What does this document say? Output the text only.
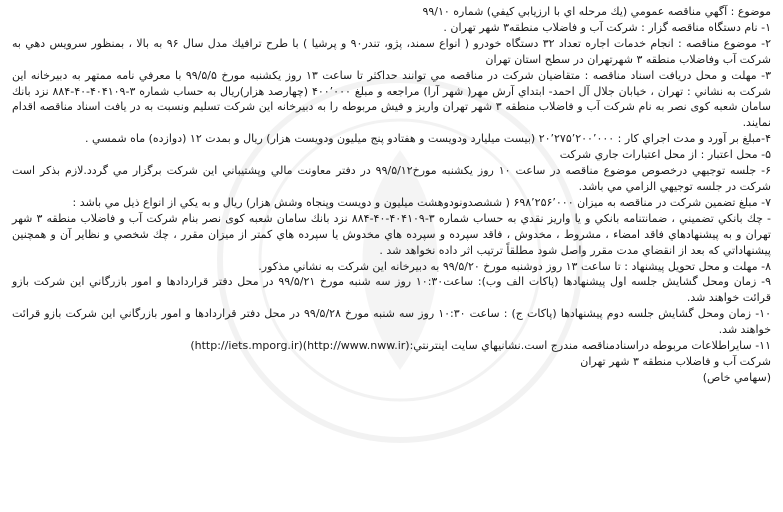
موضوع : آگهي مناقصه عمومي (يك مرحله اي با ارزيابي كيفي) شماره ۹۹/۱۰

۱- نام دستگاه مناقصه گزار : شركت آب و فاضلاب منطقه۳ شهر تهران .

۲- موضوع مناقصه : انجام خدمات اجاره تعداد ۳۲ دستگاه خودرو ( انواع سمند، پژو، تندر۹۰ و پرشيا ) با طرح ترافيك مدل سال ۹۶ به بالا ، بمنظور سرويس دهي به شركت آب وفاضلاب منطقه ۳ شهرتهران در سطح استان تهران

۳- مهلت و محل دريافت اسناد مناقصه : متقاضيان شركت در مناقصه مي توانند حداكثر تا ساعت ۱۳ روز يكشنبه مورخ ۹۹/۵/۵ با معرفي نامه ممتهر به دبيرخانه اين شركت به نشاني : تهران ، خيابان جلال آل احمد- ابتداي آرش مهر( شهر آرا) مراجعه و مبلغ ۴۰۰٬۰۰۰ (چهارصد هزار)ريال به حساب شماره ۳-۴۰۴۱۰۹-۴۰-۸۸۴ نزد بانك سامان شعبه كوى نصر به نام شركت آب و فاضلاب منطقه ۳ شهر تهران واريز و فيش مربوطه را به دبيرخانه اين شركت تسليم ونسبت به در يافت اسناد مناقصه اقدام نمايند.

۴-مبلغ بر آورد و مدت اجراي كار : ۲۰٬۲۷۵٬۲۰۰٬۰۰۰ (بيست ميليارد ودويست و هفتادو پنج ميليون ودويست هزار) ريال و بمدت ۱۲ (دوازده) ماه شمسي .

۵- محل اعتبار : از محل اعتبارات جاري شركت

۶- جلسه توجيهي درخصوص موضوع مناقصه در ساعت ۱۰ روز يكشنبه مورخ۹۹/۵/۱۲ در دفتر معاونت مالي وپشتيباني اين شركت برگزار مي گردد.لازم بذكر است شركت در جلسه توجيهي الزامي مي باشد.

۷- مبلغ تضمين شركت در مناقصه به ميزان ۶۹۸٬۲۵۶٬۰۰۰ ( ششصدونودوهشت ميليون و دويست وپنجاه وشش هزار) ريال و به يكي از انواع ذيل مي باشد :

- چك بانكي تضميني ، ضمانتنامه بانكي و يا واريز نقدي به حساب شماره ۳-۴۰۴۱۰۹-۴۰-۸۸۴ نزد بانك سامان شعبه كوى نصر بنام شركت آب و فاضلاب منطقه ۳ شهر تهران و به پيشنهادهاي فاقد امضاء ، مشروط ، مخدوش ، فاقد سپرده و سپرده هاي مخدوش يا سپرده هاي كمتر از ميزان مقرر ، چك شخصي و نظاير آن و همچنين پيشنهاداتي كه بعد از انقضاي مدت مقرر واصل شود مطلقاً ترتيب اثر داده نخواهد شد .

۸- مهلت و محل تحويل پيشنهاد : تا ساعت ۱۳ روز دوشنبه مورخ ۹۹/۵/۲۰ به دبيرخانه اين شركت به نشاني مذكور.

۹- زمان ومحل گشايش جلسه اول پيشنهادها (پاكات الف وب): ساعت۱۰:۳۰ روز سه شنبه مورخ ۹۹/۵/۲۱ در محل دفتر قراردادها و امور بازرگاني اين شركت بازو قرائت خواهند شد.

۱۰- زمان ومحل گشايش جلسه دوم پيشنهادها (پاكات ج) : ساعت ۱۰:۳۰ روز سه شنبه مورخ ۹۹/۵/۲۸ در محل دفتر قراردادها و امور بازرگاني اين شركت بازو قرائت خواهند شد.

۱۱- سايراطلاعات مربوطه دراسنادمناقصه مندرج است.نشانيهاي سايت اينترنتي:(http://iets.mporg.ir)(http://www.nww.ir)

شركت آب و فاضلاب منطقه ۳ شهر تهران

(سهامي خاص)
